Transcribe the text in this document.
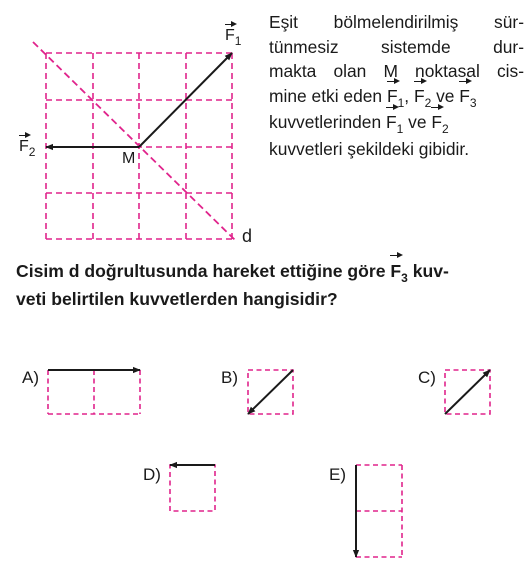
$F_1$
$F_2$	M
d
Eşit bölmelendirilmiş sür-
tünmesiz sistemde dur-
makta olan M noktasal cis-
mine etki eden $F_1$, $F_2$ ve $F_3$
kuvvetlerinden $F_1$ ve $F_2$
kuvvetleri şekildeki gibidir.
Cisim d doğrultusunda hareket ettiğine göre $F_3$ kuv-
veti belirtilen kuvvetlerden hangisidir?
A)	B)	C)
D)	E)
